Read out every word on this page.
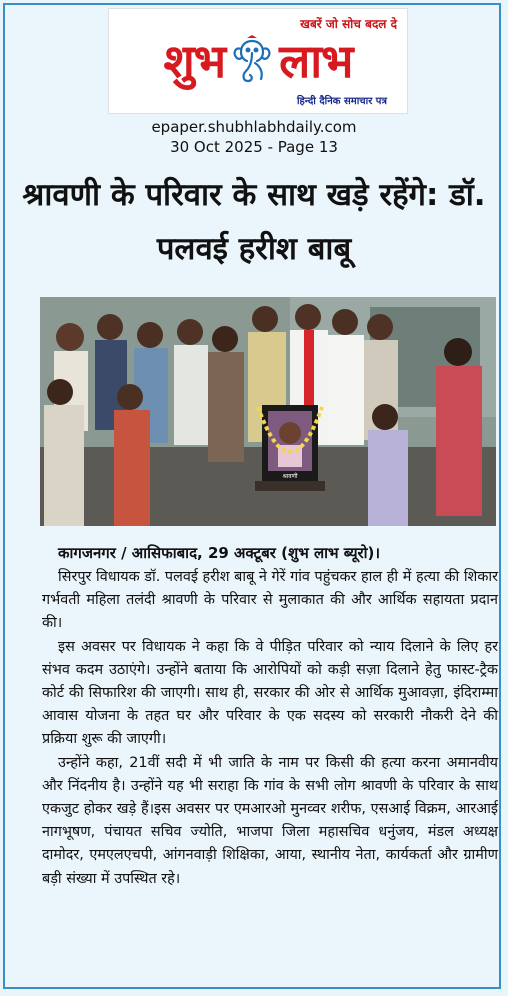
खबरें जो सोच बदल दे
शुभ लाभ
हिन्दी दैनिक समाचार पत्र
epaper.shubhlabhdaily.com
30 Oct 2025 - Page 13
श्रावणी के परिवार के साथ खड़े रहेंगे: डॉ. पलवई हरीश बाबू
श्रावणी
कागजनगर / आसिफाबाद, 29 अक्टूबर (शुभ लाभ ब्यूरो)।

सिरपुर विधायक डॉ. पलवई हरीश बाबू ने गेरें गांव पहुंचकर हाल ही में हत्या की शिकार गर्भवती महिला तलंदी श्रावणी के परिवार से मुलाकात की और आर्थिक सहायता प्रदान की।

इस अवसर पर विधायक ने कहा कि वे पीड़ित परिवार को न्याय दिलाने के लिए हर संभव कदम उठाएंगे। उन्होंने बताया कि आरोपियों को कड़ी सज़ा दिलाने हेतु फास्ट-ट्रैक कोर्ट की सिफारिश की जाएगी। साथ ही, सरकार की ओर से आर्थिक मुआवज़ा, इंदिराम्मा आवास योजना के तहत घर और परिवार के एक सदस्य को सरकारी नौकरी देने की प्रक्रिया शुरू की जाएगी।

उन्होंने कहा, 21वीं सदी में भी जाति के नाम पर किसी की हत्या करना अमानवीय और निंदनीय है। उन्होंने यह भी सराहा कि गांव के सभी लोग श्रावणी के परिवार के साथ एकजुट होकर खड़े हैं।इस अवसर पर एमआरओ मुनव्वर शरीफ, एसआई विक्रम, आरआई नागभूषण, पंचायत सचिव ज्योति, भाजपा जिला महासचिव धनुंजय, मंडल अध्यक्ष दामोदर, एमएलएचपी, आंगनवाड़ी शिक्षिका, आया, स्थानीय नेता, कार्यकर्ता और ग्रामीण बड़ी संख्या में उपस्थित रहे।
